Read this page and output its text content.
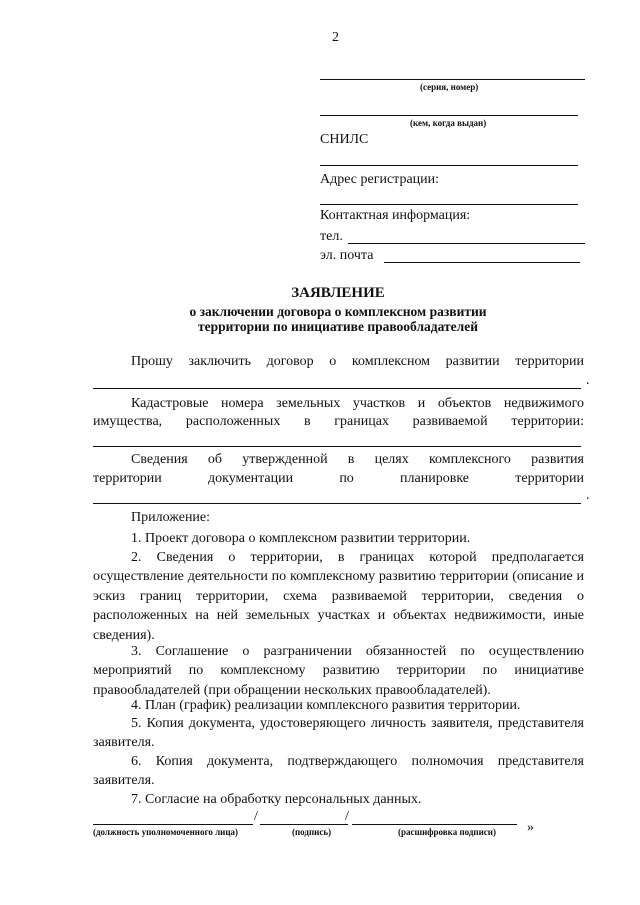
2
(серия, номер)
(кем, когда выдан)
СНИЛС
Адрес регистрации:
Контактная информация:
тел.
эл. почта
ЗАЯВЛЕНИЕ
о заключении договора о комплексном развитии
территории по инициативе правообладателей
Прошу заключить договор о комплексном развитии территории
.
Кадастровые номера земельных участков и объектов недвижимого
имущества, расположенных в границах развиваемой территории:
Сведения об утвержденной в целях комплексного развития
территории документации по планировке территории
.
Приложение:
1. Проект договора о комплексном развитии территории.
2. Сведения о территории, в границах которой предполагается осуществление деятельности по комплексному развитию территории (описание и эскиз границ территории, схема развиваемой территории, сведения о расположенных на ней земельных участках и объектах недвижимости, иные сведения).
3. Соглашение о разграничении обязанностей по осуществлению мероприятий по комплексному развитию территории по инициативе правообладателей (при обращении нескольких правообладателей).
4. План (график) реализации комплексного развития территории.
5. Копия документа, удостоверяющего личность заявителя, представителя заявителя.
6. Копия документа, подтверждающего полномочия представителя заявителя.
7. Согласие на обработку персональных данных.
/	/
(должность уполномоченного лица)	(подпись)	(расшифровка подписи) »
